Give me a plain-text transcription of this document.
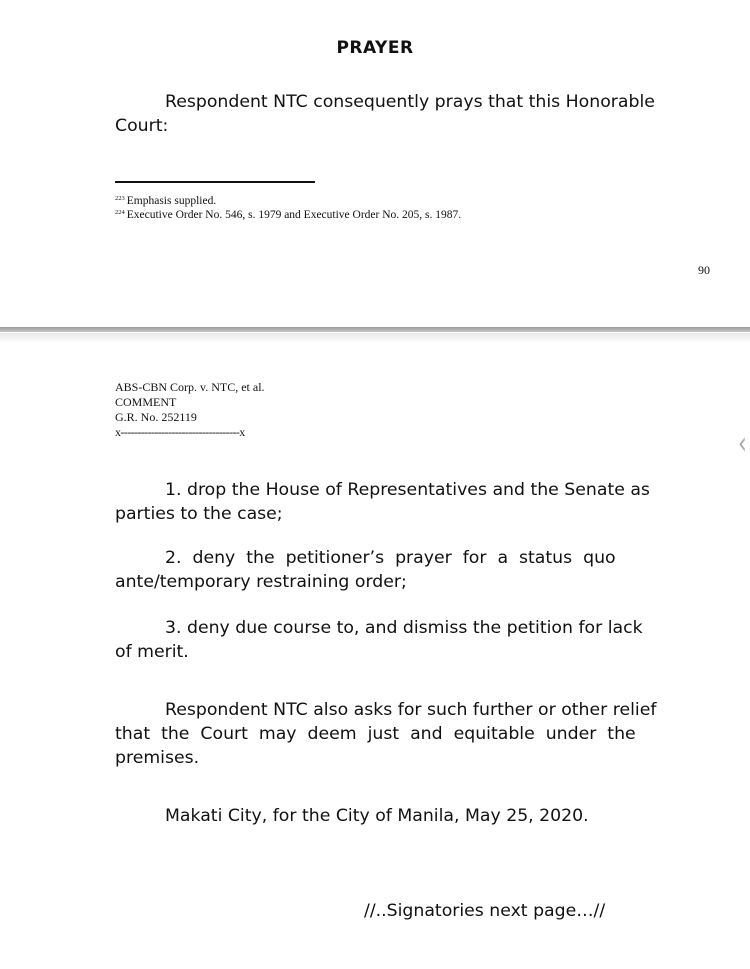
PRAYER
Respondent NTC consequently prays that this Honorable
Court:
$^{223}$ Emphasis supplied.
$^{224}$ Executive Order No. 546, s. 1979 and Executive Order No. 205, s. 1987.
90
ABS-CBN Corp. v. NTC, et al.
COMMENT
G.R. No. 252119
x-----------------------------------x	‹
1. drop the House of Representatives and the Senate as
parties to the case;
2.  deny  the  petitioner’s  prayer  for  a  status  quo
ante/temporary restraining order;
3. deny due course to, and dismiss the petition for lack
of merit.
Respondent NTC also asks for such further or other relief
that  the  Court  may  deem  just  and  equitable  under  the
premises.
Makati City, for the City of Manila, May 25, 2020.
//..Signatories next page…//
